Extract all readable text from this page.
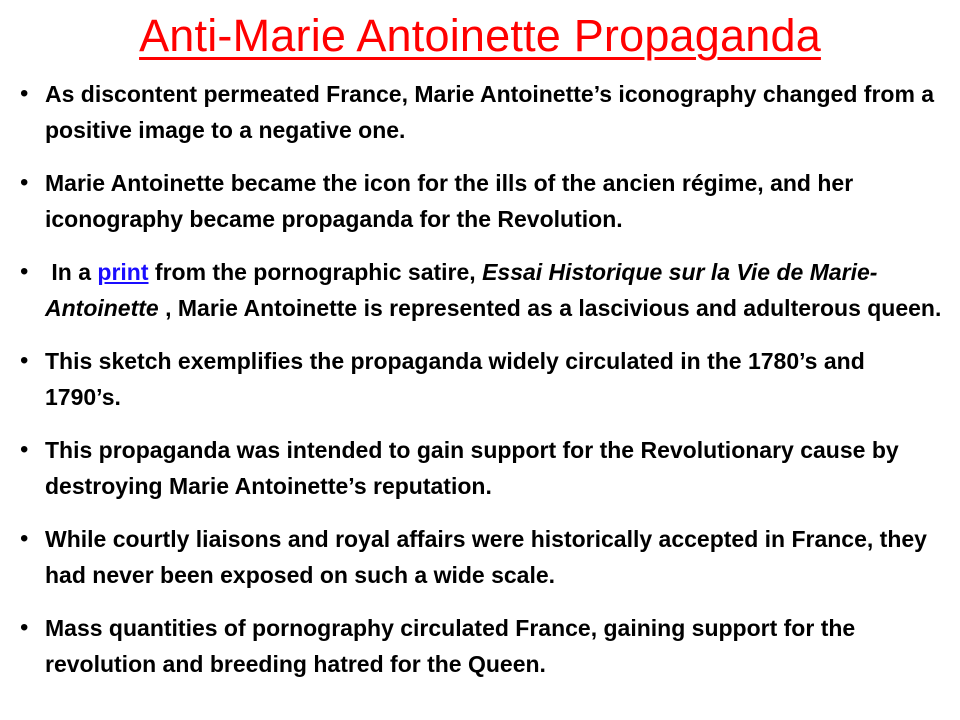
Anti-Marie Antoinette Propaganda
• As discontent permeated France, Marie Antoinette’s iconography changed from a positive image to a negative one.
• Marie Antoinette became the icon for the ills of the ancien régime, and her iconography became propaganda for the Revolution.
• In a print from the pornographic satire, Essai Historique sur la Vie de Marie-Antoinette , Marie Antoinette is represented as a lascivious and adulterous queen.
• This sketch exemplifies the propaganda widely circulated in the 1780’s and 1790’s.
• This propaganda was intended to gain support for the Revolutionary cause by destroying Marie Antoinette’s reputation.
• While courtly liaisons and royal affairs were historically accepted in France, they had never been exposed on such a wide scale.
• Mass quantities of pornography circulated France, gaining support for the revolution and breeding hatred for the Queen.
